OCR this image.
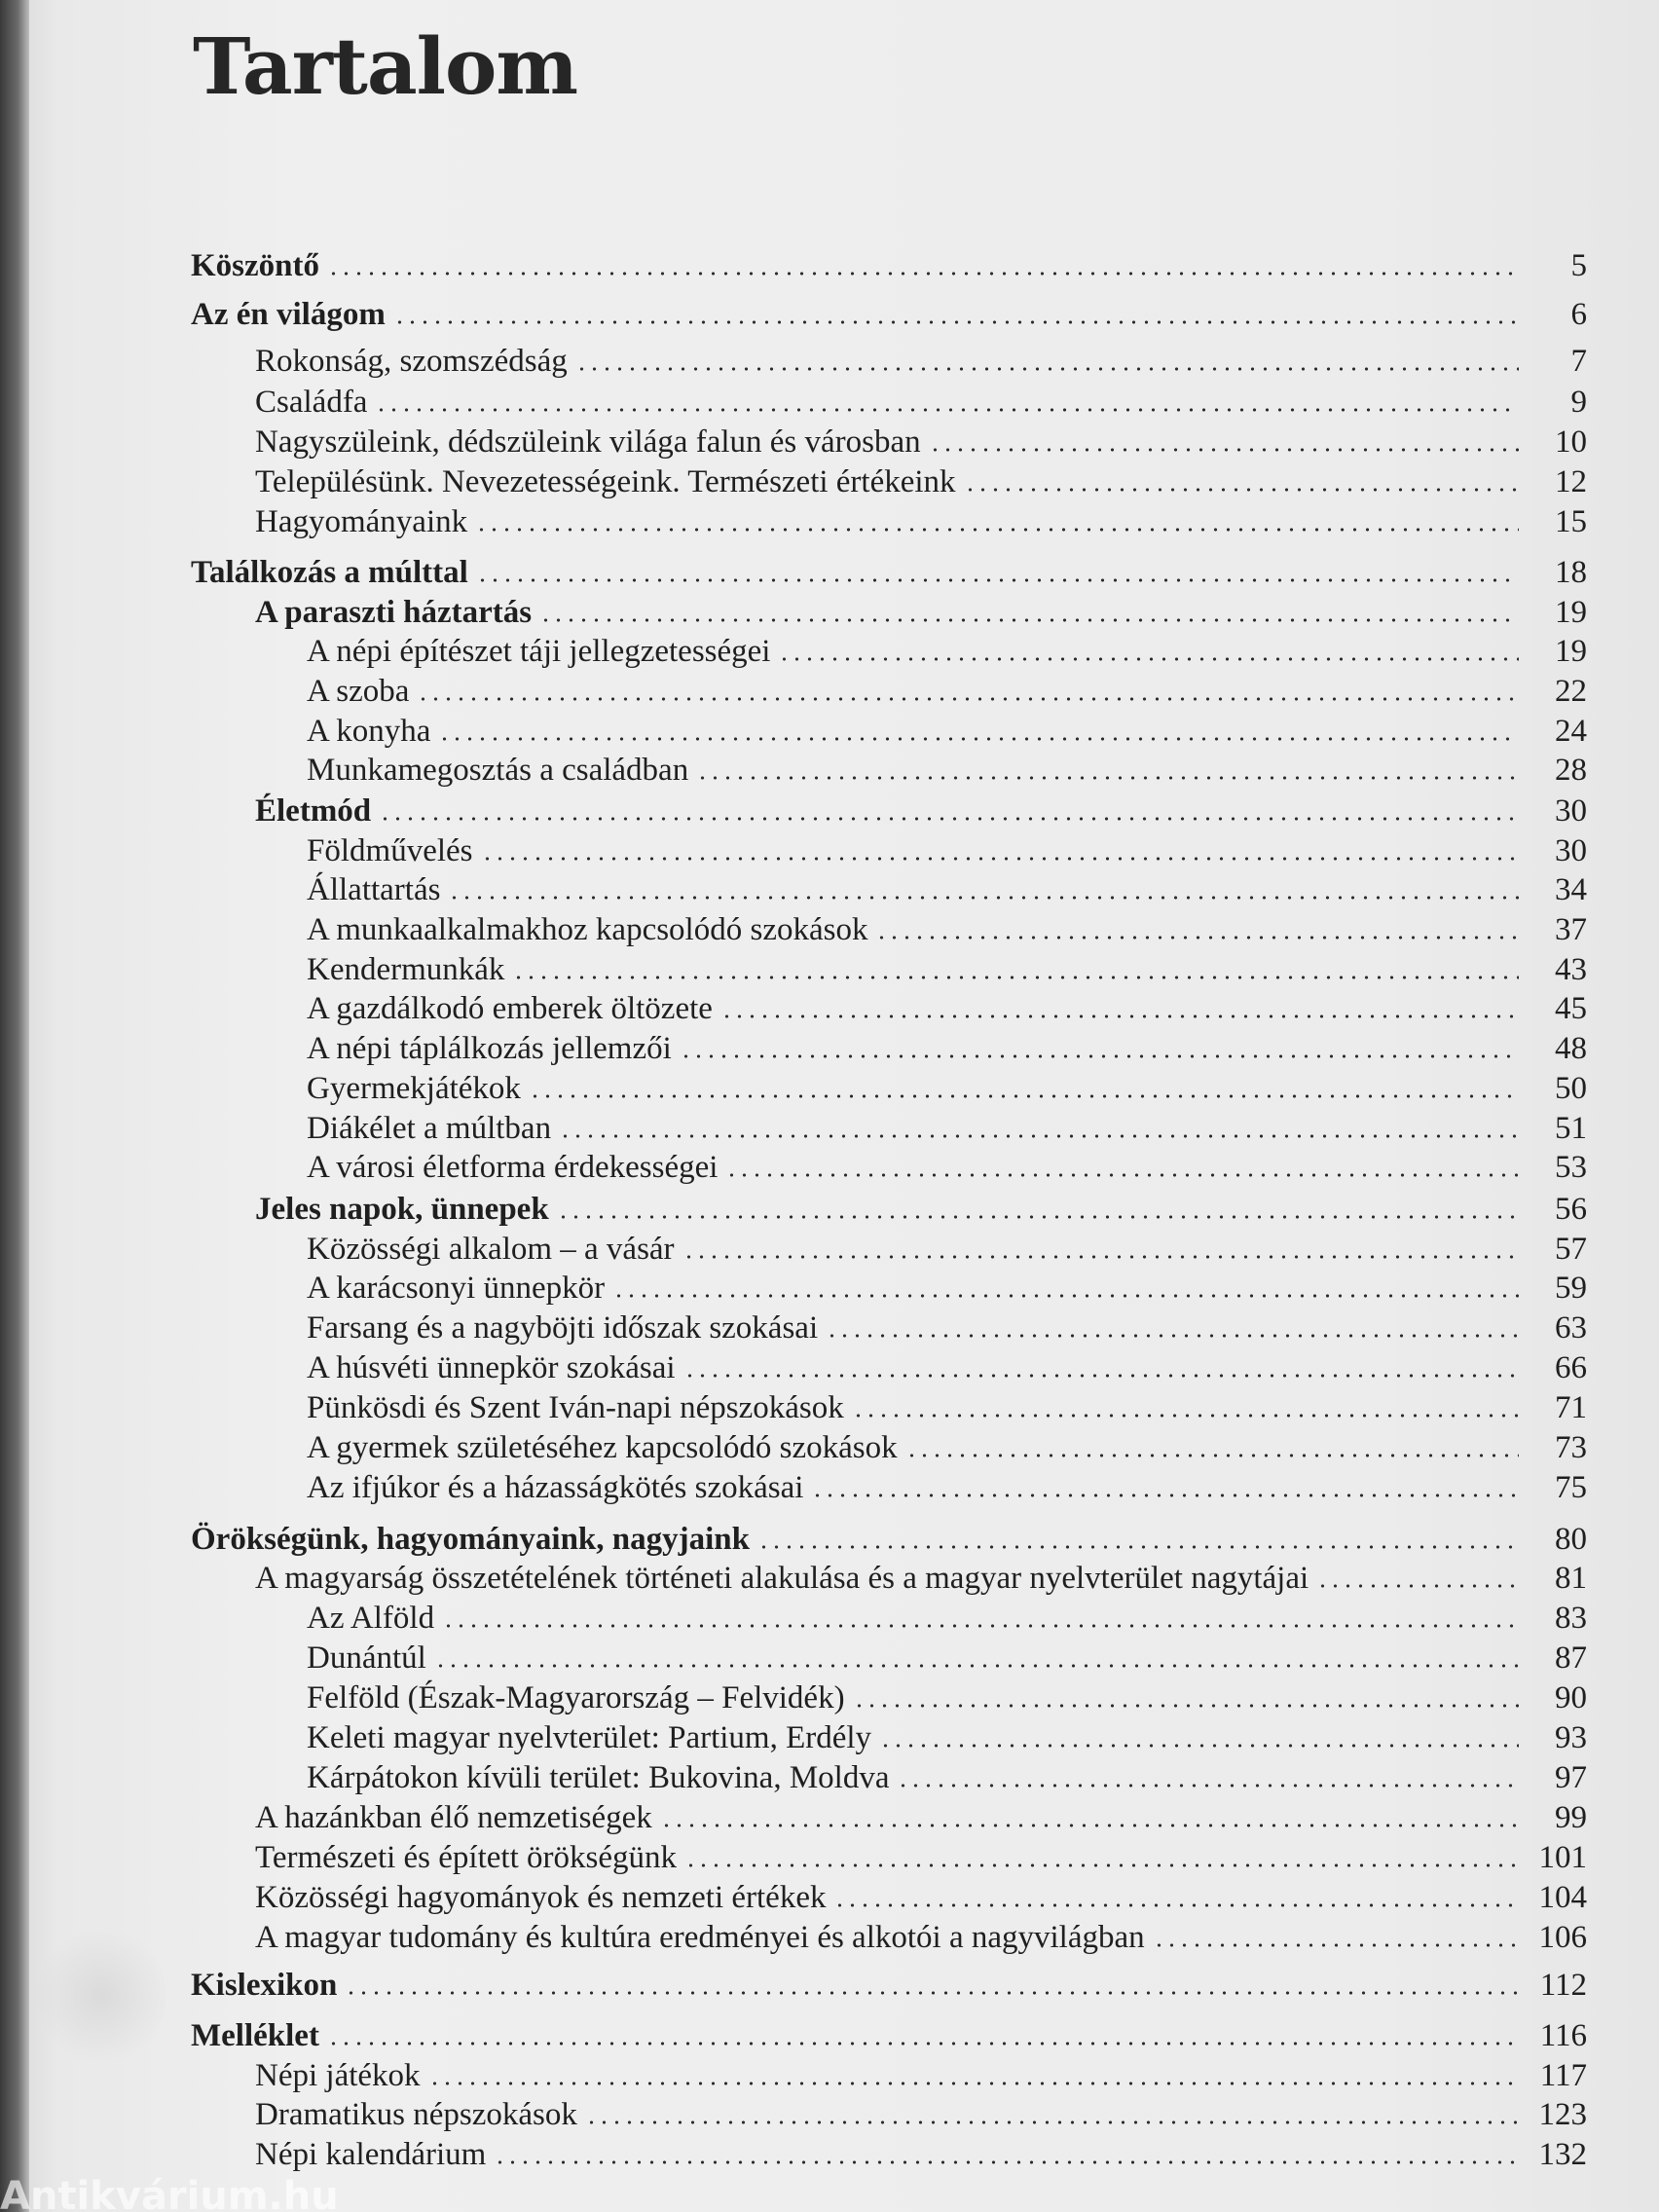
Tartalom
Köszöntő	5
Az én világom	6
Rokonság, szomszédság	7
Családfa	9
Nagyszüleink, dédszüleink világa falun és városban	10
Településünk. Nevezetességeink. Természeti értékeink	12
Hagyományaink	15
Találkozás a múlttal	18
A paraszti háztartás	19
A népi építészet táji jellegzetességei	19
A szoba	22
A konyha	24
Munkamegosztás a családban	28
Életmód	30
Földművelés	30
Állattartás	34
A munkaalkalmakhoz kapcsolódó szokások	37
Kendermunkák	43
A gazdálkodó emberek öltözete	45
A népi táplálkozás jellemzői	48
Gyermekjátékok	50
Diákélet a múltban	51
A városi életforma érdekességei	53
Jeles napok, ünnepek	56
Közösségi alkalom – a vásár	57
A karácsonyi ünnepkör	59
Farsang és a nagyböjti időszak szokásai	63
A húsvéti ünnepkör szokásai	66
Pünkösdi és Szent Iván-napi népszokások	71
A gyermek születéséhez kapcsolódó szokások	73
Az ifjúkor és a házasságkötés szokásai	75
Örökségünk, hagyományaink, nagyjaink	80
A magyarság összetételének történeti alakulása és a magyar nyelvterület nagytájai	81
Az Alföld	83
Dunántúl	87
Felföld (Észak-Magyarország – Felvidék)	90
Keleti magyar nyelvterület: Partium, Erdély	93
Kárpátokon kívüli terület: Bukovina, Moldva	97
A hazánkban élő nemzetiségek	99
Természeti és épített örökségünk	101
Közösségi hagyományok és nemzeti értékek	104
A magyar tudomány és kultúra eredményei és alkotói a nagyvilágban	106
Kislexikon	112
Melléklet	116
Népi játékok	117
Dramatikus népszokások	123
Népi kalendárium	132
Antikvárium.hu
